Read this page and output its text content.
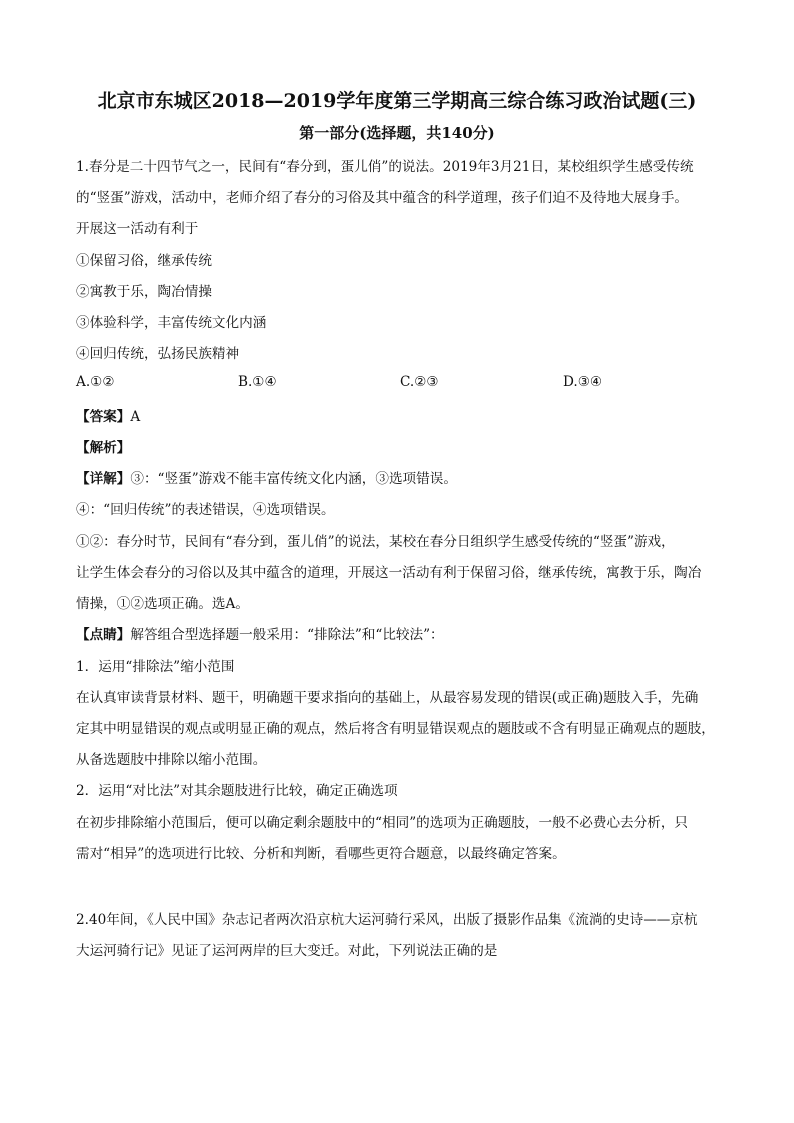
北京市东城区2018—2019学年度第三学期高三综合练习政治试题(三)
第一部分(选择题，共140分)
1.春分是二十四节气之一，民间有“春分到，蛋儿俏”的说法。2019年3月21日，某校组织学生感受传统
的“竖蛋”游戏，活动中，老师介绍了春分的习俗及其中蕴含的科学道理，孩子们迫不及待地大展身手。
开展这一活动有利于
①保留习俗，继承传统
②寓教于乐，陶冶情操
③体验科学，丰富传统文化内涵
④回归传统，弘扬民族精神
A.①②	B.①④	C.②③	D.③④
【答案】A
【解析】
【详解】③：“竖蛋”游戏不能丰富传统文化内涵，③选项错误。
④：“回归传统”的表述错误，④选项错误。
①②：春分时节，民间有“春分到，蛋儿俏”的说法，某校在春分日组织学生感受传统的“竖蛋”游戏，
让学生体会春分的习俗以及其中蕴含的道理，开展这一活动有利于保留习俗，继承传统，寓教于乐，陶冶
情操，①②选项正确。选A。
【点睛】解答组合型选择题一般采用：“排除法”和“比较法”：
1．运用“排除法”缩小范围
在认真审读背景材料、题干，明确题干要求指向的基础上，从最容易发现的错误(或正确)题肢入手，先确
定其中明显错误的观点或明显正确的观点，然后将含有明显错误观点的题肢或不含有明显正确观点的题肢，
从备选题肢中排除以缩小范围。
2．运用“对比法”对其余题肢进行比较，确定正确选项
在初步排除缩小范围后，便可以确定剩余题肢中的“相同”的选项为正确题肢，一般不必费心去分析，只
需对“相异”的选项进行比较、分析和判断，看哪些更符合题意，以最终确定答案。
2.40年间，《人民中国》杂志记者两次沿京杭大运河骑行采风，出版了摄影作品集《流淌的史诗——京杭
大运河骑行记》见证了运河两岸的巨大变迁。对此，下列说法正确的是
